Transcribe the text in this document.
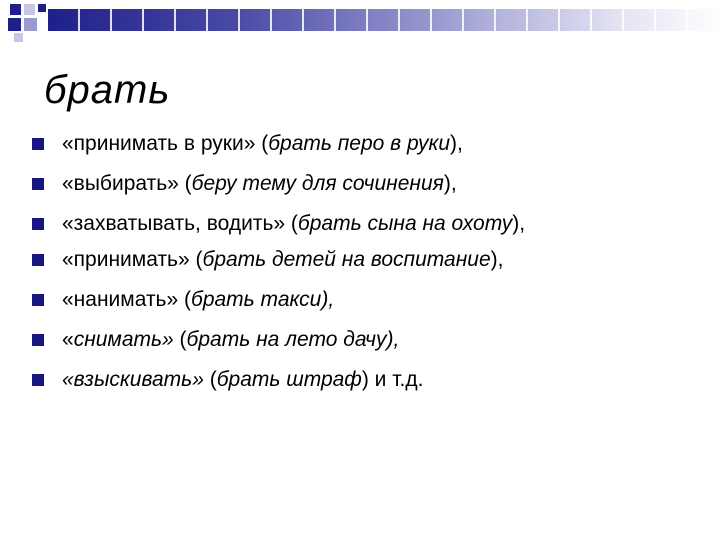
брать
«принимать в руки» (брать перо в руки),
«выбирать» (беру тему для сочинения),
«захватывать, водить» (брать сына на охоту),
«принимать» (брать детей на воспитание),
«нанимать» (брать такси),
«снимать» (брать на лето дачу),
«взыскивать» (брать штраф) и т.д.
